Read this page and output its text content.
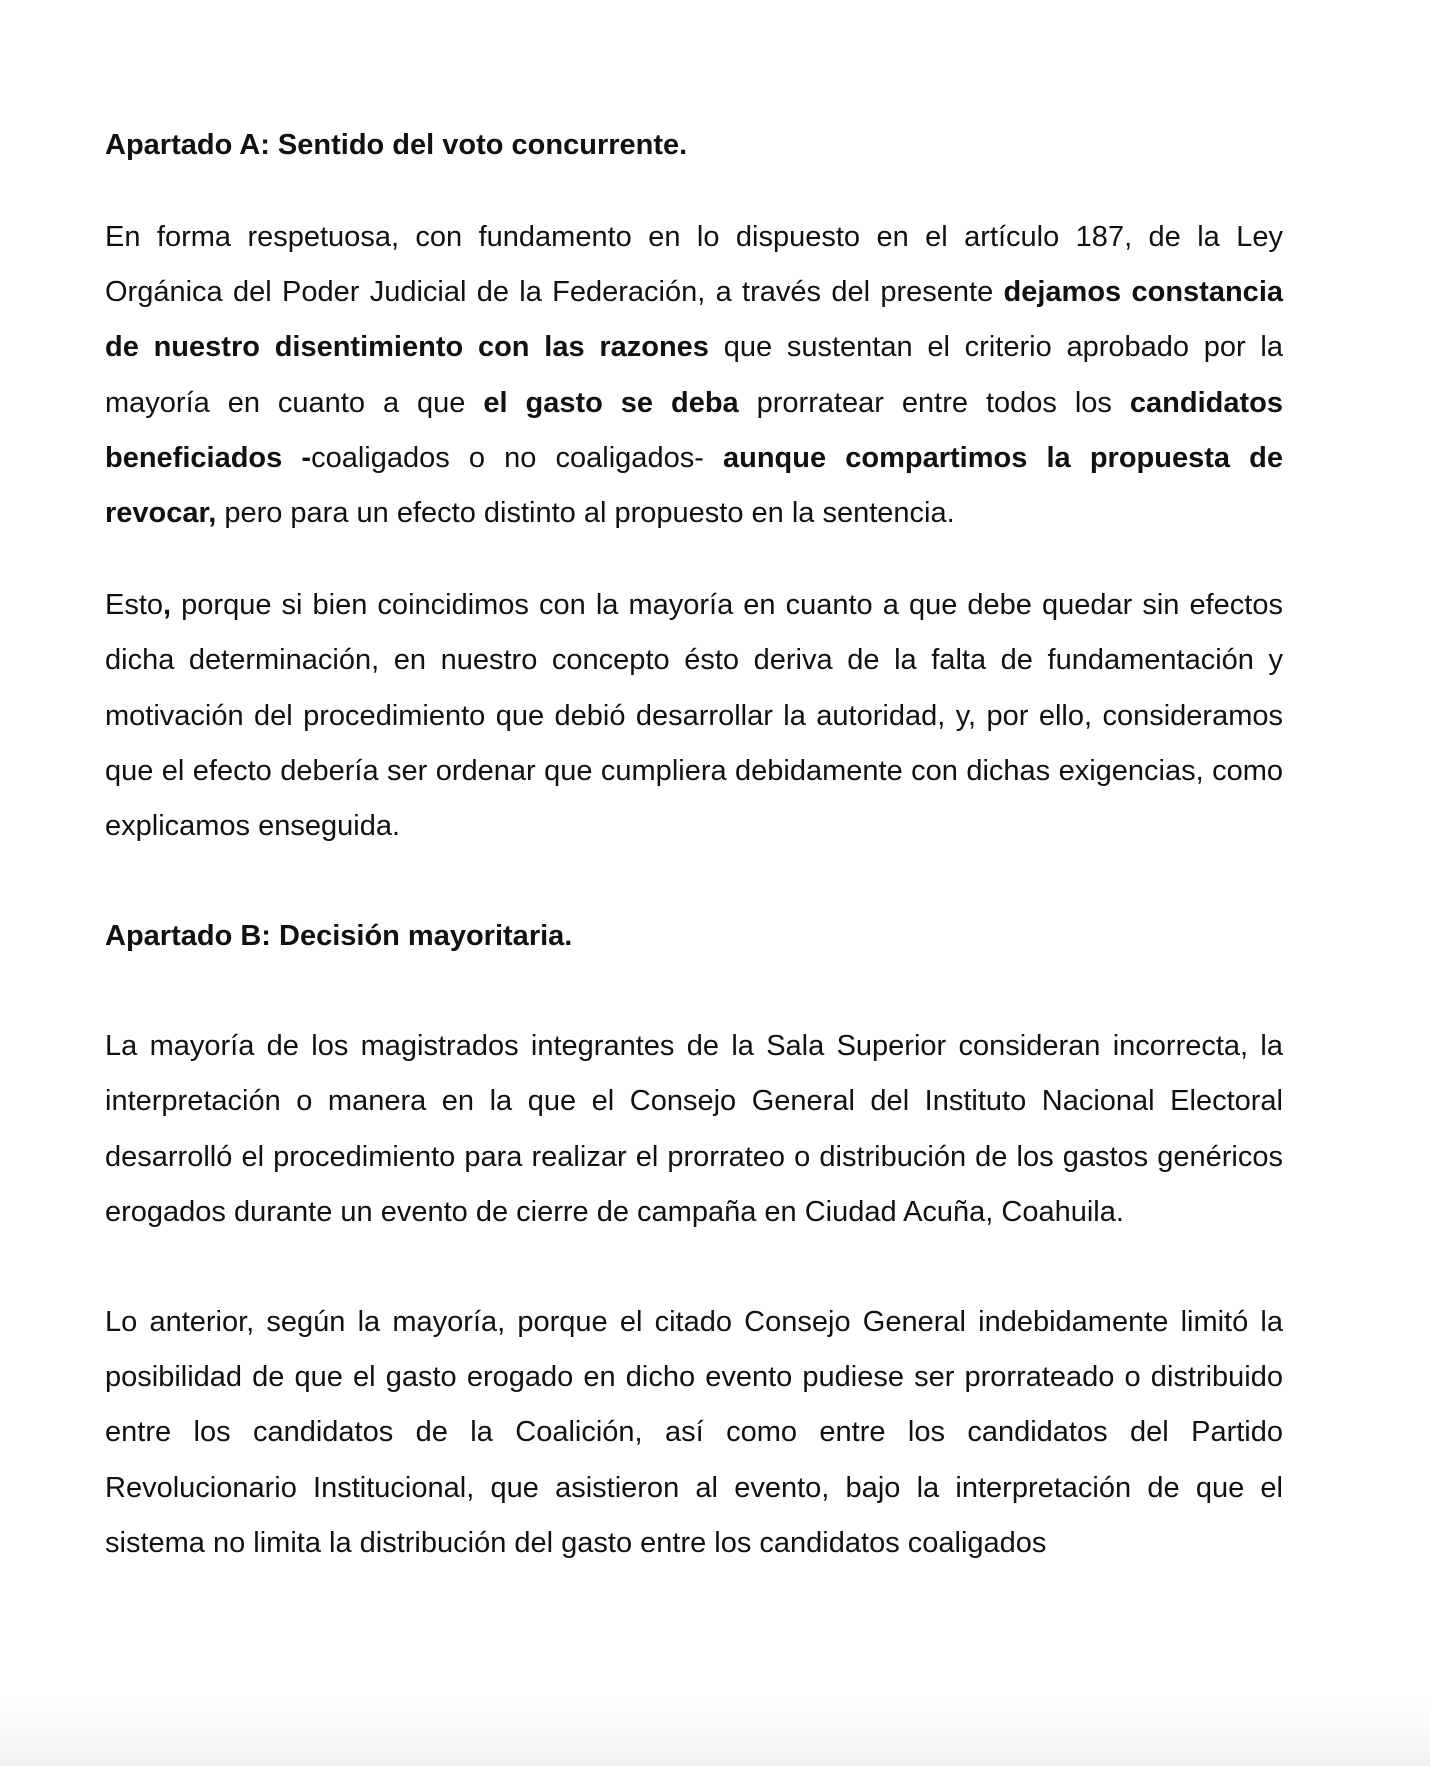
Apartado A: Sentido del voto concurrente.

En forma respetuosa, con fundamento en lo dispuesto en el artículo 187, de la Ley Orgánica del Poder Judicial de la Federación, a través del presente dejamos constancia de nuestro disentimiento con las razones que sustentan el criterio aprobado por la mayoría en cuanto a que el gasto se deba prorratear entre todos los candidatos beneficiados -coaligados o no coaligados- aunque compartimos la propuesta de revocar, pero para un efecto distinto al propuesto en la sentencia.

Esto, porque si bien coincidimos con la mayoría en cuanto a que debe quedar sin efectos dicha determinación, en nuestro concepto ésto deriva de la falta de fundamentación y motivación del procedimiento que debió desarrollar la autoridad, y, por ello, consideramos que el efecto debería ser ordenar que cumpliera debidamente con dichas exigencias, como explicamos enseguida.

Apartado B: Decisión mayoritaria.

La mayoría de los magistrados integrantes de la Sala Superior consideran incorrecta, la interpretación o manera en la que el Consejo General del Instituto Nacional Electoral desarrolló el procedimiento para realizar el prorrateo o distribución de los gastos genéricos erogados durante un evento de cierre de campaña en Ciudad Acuña, Coahuila.

Lo anterior, según la mayoría, porque el citado Consejo General indebidamente limitó la posibilidad de que el gasto erogado en dicho evento pudiese ser prorrateado o distribuido entre los candidatos de la Coalición, así como entre los candidatos del Partido Revolucionario Institucional, que asistieron al evento, bajo la interpretación de que el sistema no limita la distribución del gasto entre los candidatos coaligados
